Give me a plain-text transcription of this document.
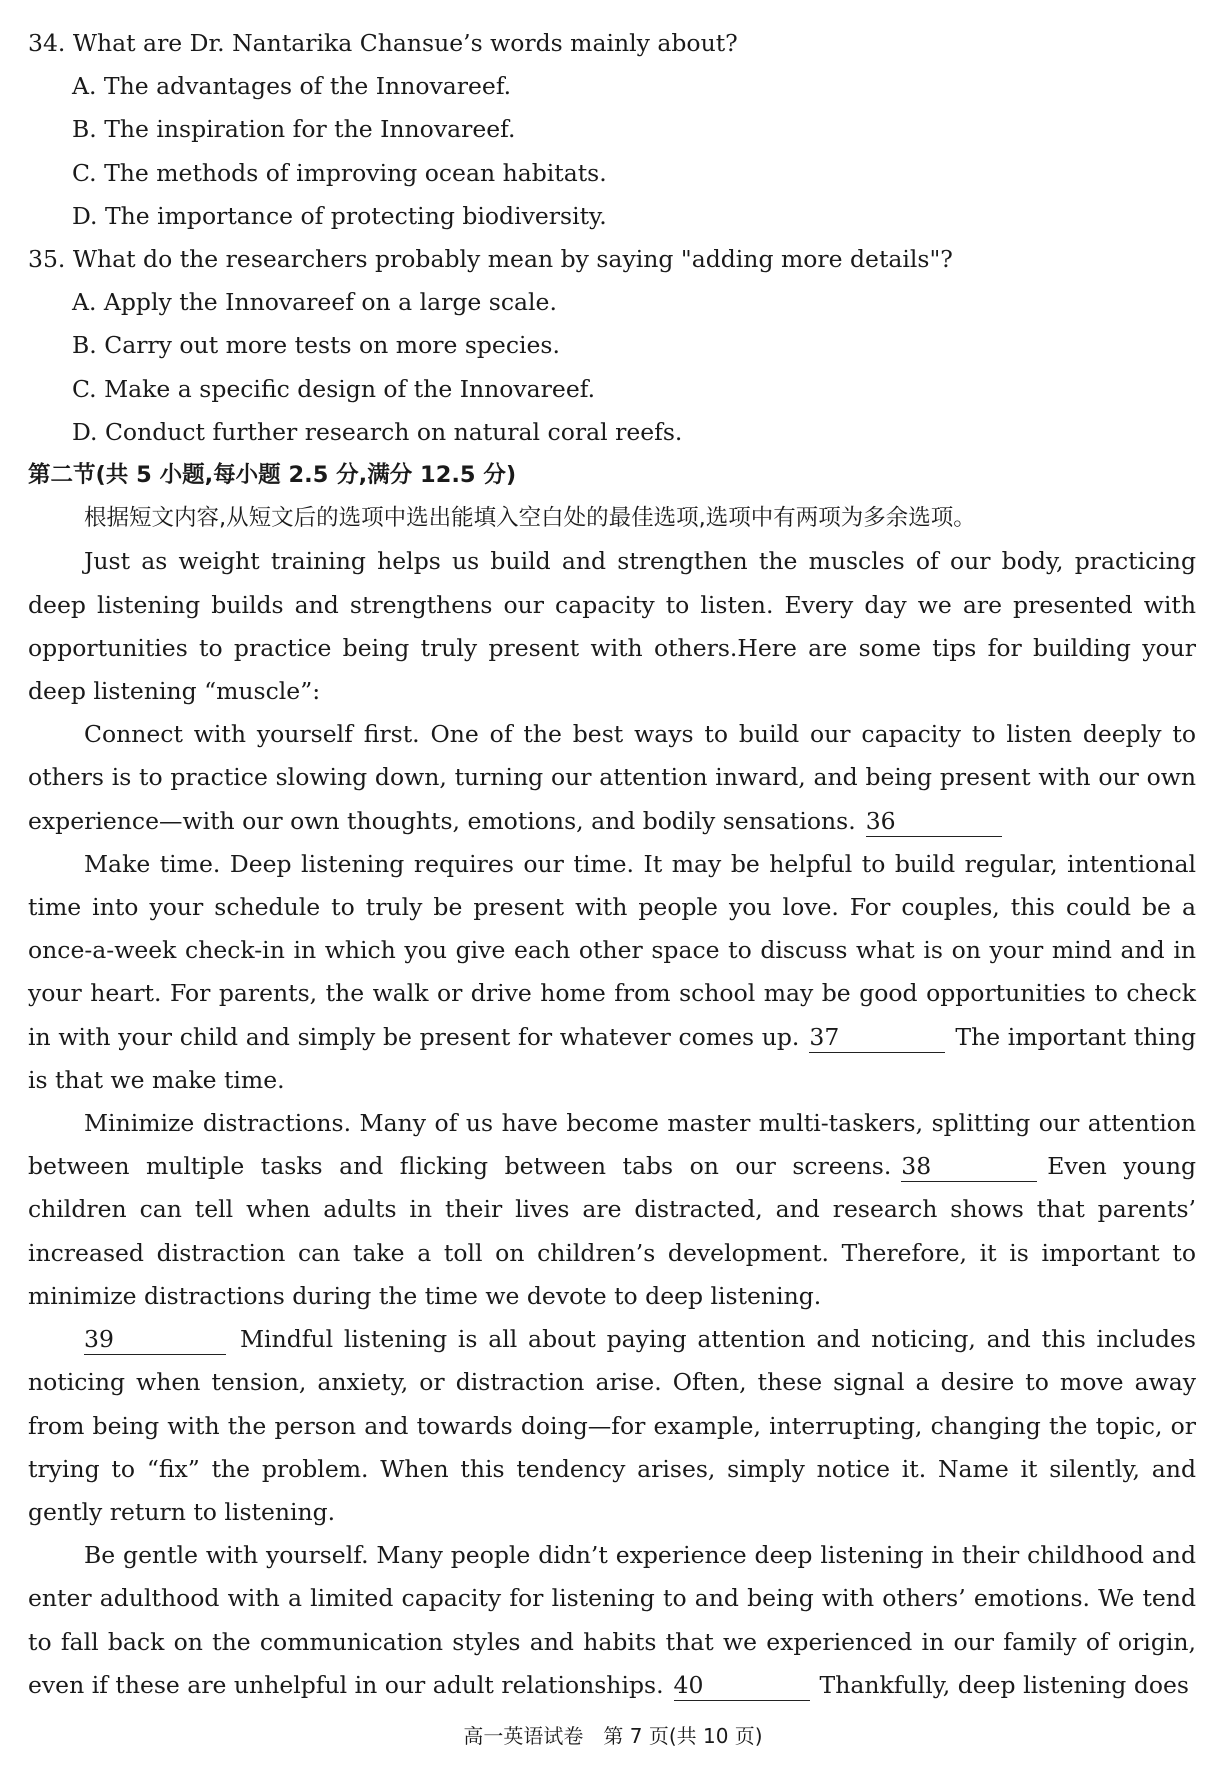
34. What are Dr. Nantarika Chansue’s words mainly about?
A. The advantages of the Innovareef.
B. The inspiration for the Innovareef.
C. The methods of improving ocean habitats.
D. The importance of protecting biodiversity.
35. What do the researchers probably mean by saying "adding more details"?
A. Apply the Innovareef on a large scale.
B. Carry out more tests on more species.
C. Make a specific design of the Innovareef.
D. Conduct further research on natural coral reefs.
第二节(共 5 小题,每小题 2.5 分,满分 12.5 分)
根据短文内容,从短文后的选项中选出能填入空白处的最佳选项,选项中有两项为多余选项。
Just as weight training helps us build and strengthen the muscles of our body, practicing deep listening builds and strengthens our capacity to listen. Every day we are presented with opportunities to practice being truly present with others.Here are some tips for building your deep listening “muscle”:
Connect with yourself first. One of the best ways to build our capacity to listen deeply to others is to practice slowing down, turning our attention inward, and being present with our own experience—with our own thoughts, emotions, and bodily sensations. 36
Make time. Deep listening requires our time. It may be helpful to build regular, intentional time into your schedule to truly be present with people you love. For couples, this could be a once-a-week check-in in which you give each other space to discuss what is on your mind and in your heart. For parents, the walk or drive home from school may be good opportunities to check in with your child and simply be present for whatever comes up. 37	The important thing is that we make time.
Minimize distractions. Many of us have become master multi-taskers, splitting our attention between multiple tasks and flicking between tabs on our screens. 38	Even young children can tell when adults in their lives are distracted, and research shows that parents’ increased distraction can take a toll on children’s development. Therefore, it is important to minimize distractions during the time we devote to deep listening.
39	Mindful listening is all about paying attention and noticing, and this includes noticing when tension, anxiety, or distraction arise. Often, these signal a desire to move away from being with the person and towards doing—for example, interrupting, changing the topic, or trying to “fix” the problem. When this tendency arises, simply notice it. Name it silently, and gently return to listening.
Be gentle with yourself. Many people didn’t experience deep listening in their childhood and enter adulthood with a limited capacity for listening to and being with others’ emotions. We tend to fall back on the communication styles and habits that we experienced in our family of origin, even if these are unhelpful in our adult relationships. 40	Thankfully, deep listening does
高一英语试卷　第 7 页(共 10 页)
